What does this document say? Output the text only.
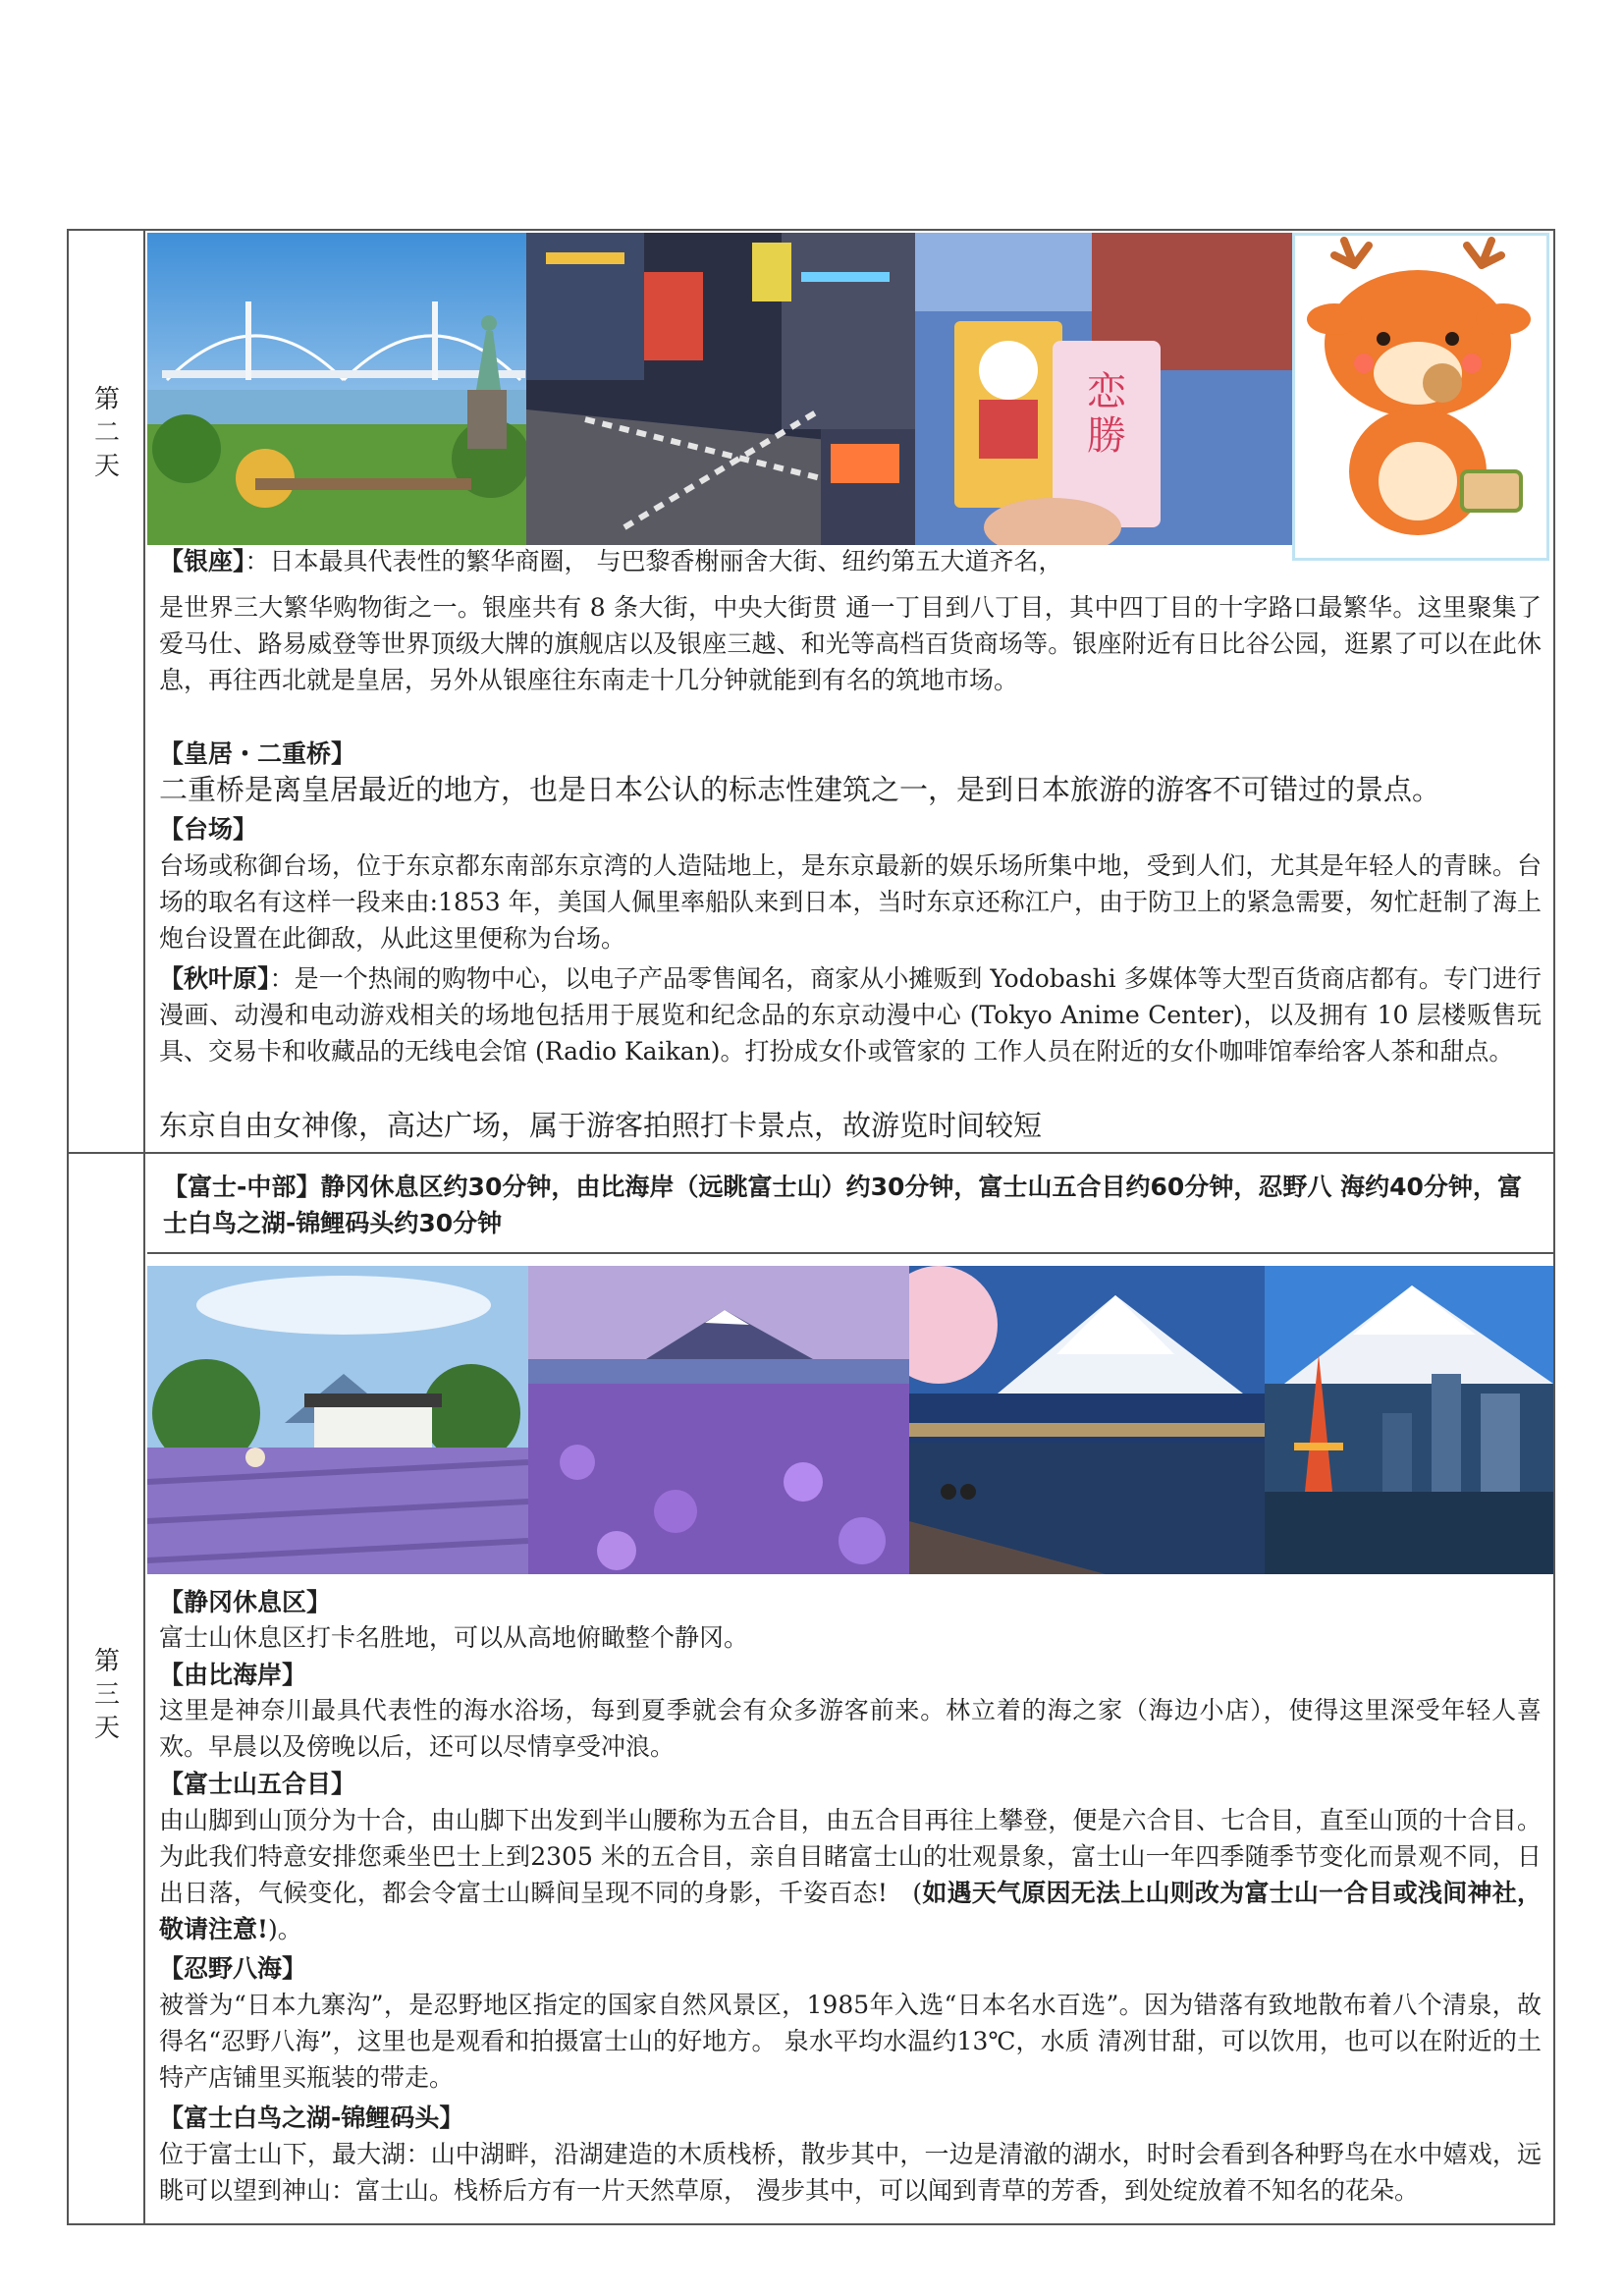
第
二
天
恋
勝
【银座】：日本最具代表性的繁华商圈， 与巴黎香榭丽舍大街、纽约第五大道齐名，
是世界三大繁华购物街之一。银座共有 8 条大街，中央大街贯 通一丁目到八丁目，其中四丁目的十字路口最繁华。这里聚集了爱马仕、路易威登等世界顶级大牌的旗舰店以及银座三越、和光等高档百货商场等。银座附近有日比谷公园，逛累了可以在此休息，再往西北就是皇居，另外从银座往东南走十几分钟就能到有名的筑地市场。
【皇居・二重桥】
二重桥是离皇居最近的地方，也是日本公认的标志性建筑之一，是到日本旅游的游客不可错过的景点。
【台场】
台场或称御台场，位于东京都东南部东京湾的人造陆地上，是东京最新的娱乐场所集中地，受到人们，尤其是年轻人的青睐。台场的取名有这样一段来由:1853 年，美国人佩里率船队来到日本，当时东京还称江户，由于防卫上的紧急需要，匆忙赶制了海上炮台设置在此御敌，从此这里便称为台场。
【秋叶原】：是一个热闹的购物中心，以电子产品零售闻名，商家从小摊贩到 Yodobashi 多媒体等大型百货商店都有。专门进行漫画、动漫和电动游戏相关的场地包括用于展览和纪念品的东京动漫中心 (Tokyo Anime Center)，以及拥有 10 层楼贩售玩具、交易卡和收藏品的无线电会馆 (Radio Kaikan)。打扮成女仆或管家的 工作人员在附近的女仆咖啡馆奉给客人茶和甜点。
东京自由女神像，高达广场，属于游客拍照打卡景点，故游览时间较短
第
三
天
【富士-中部】静冈休息区约30分钟，由比海岸（远眺富士山）约30分钟，富士山五合目约60分钟，忍野八 海约40分钟，富士白鸟之湖-锦鲤码头约30分钟
【静冈休息区】
富士山休息区打卡名胜地，可以从高地俯瞰整个静冈。
【由比海岸】
这里是神奈川最具代表性的海水浴场，每到夏季就会有众多游客前来。林立着的海之家（海边小店），使得这里深受年轻人喜欢。早晨以及傍晚以后，还可以尽情享受冲浪。
【富士山五合目】
由山脚到山顶分为十合，由山脚下出发到半山腰称为五合目，由五合目再往上攀登，便是六合目、七合目，直至山顶的十合目。为此我们特意安排您乘坐巴士上到2305 米的五合目，亲自目睹富士山的壮观景象，富士山一年四季随季节变化而景观不同，日出日落，气候变化，都会令富士山瞬间呈现不同的身影，千姿百态!　(如遇天气原因无法上山则改为富士山一合目或浅间神社，敬请注意!)。
【忍野八海】
被誉为“日本九寨沟”，是忍野地区指定的国家自然风景区，1985年入选“日本名水百选”。因为错落有致地散布着八个清泉，故得名“忍野八海”，这里也是观看和拍摄富士山的好地方。 泉水平均水温约13℃，水质 清冽甘甜，可以饮用，也可以在附近的土特产店铺里买瓶装的带走。
【富士白鸟之湖-锦鲤码头】
位于富士山下，最大湖：山中湖畔，沿湖建造的木质栈桥，散步其中，一边是清澈的湖水，时时会看到各种野鸟在水中嬉戏，远眺可以望到神山：富士山。栈桥后方有一片天然草原， 漫步其中，可以闻到青草的芳香，到处绽放着不知名的花朵。
